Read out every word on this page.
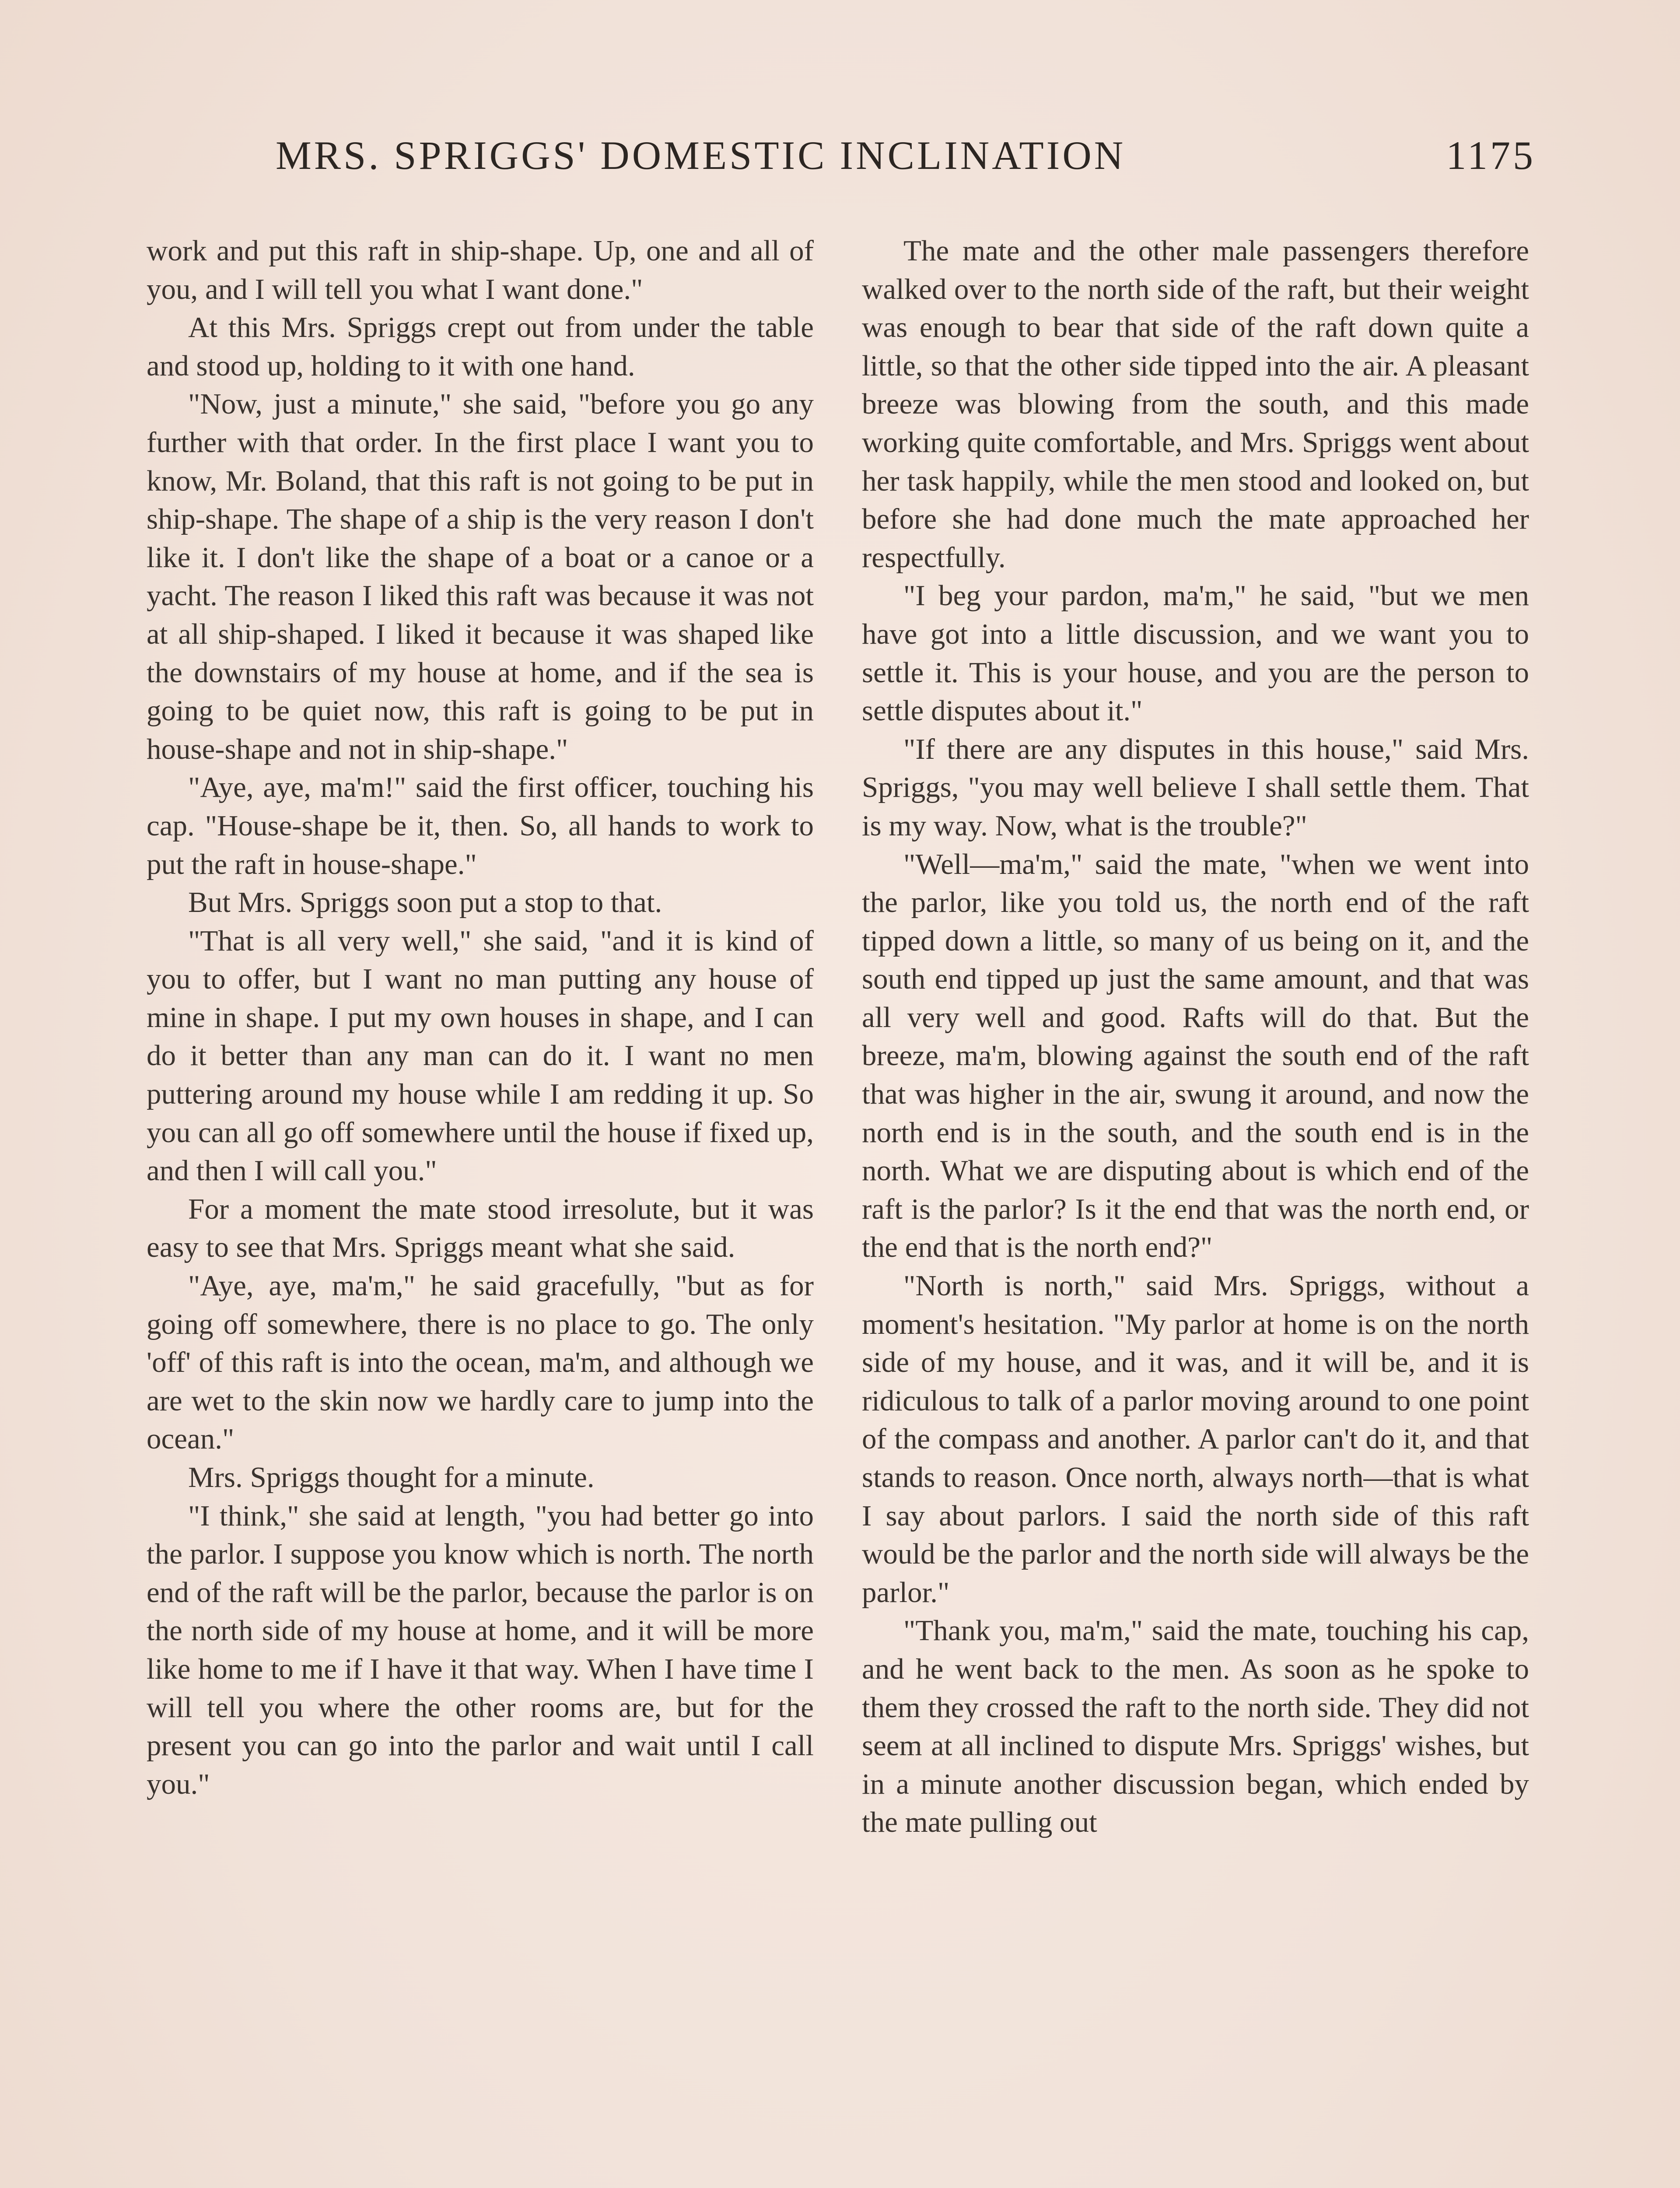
MRS. SPRIGGS' DOMESTIC INCLINATION	1175

work and put this raft in ship-shape. Up, one and all of you, and I will tell you what I want done."

At this Mrs. Spriggs crept out from under the table and stood up, holding to it with one hand.

"Now, just a minute," she said, "before you go any further with that order. In the first place I want you to know, Mr. Boland, that this raft is not going to be put in ship-shape. The shape of a ship is the very reason I don't like it. I don't like the shape of a boat or a canoe or a yacht. The reason I liked this raft was because it was not at all ship-shaped. I liked it because it was shaped like the downstairs of my house at home, and if the sea is going to be quiet now, this raft is going to be put in house-shape and not in ship-shape."

"Aye, aye, ma'm!" said the first officer, touching his cap. "House-shape be it, then. So, all hands to work to put the raft in house-shape."

But Mrs. Spriggs soon put a stop to that.

"That is all very well," she said, "and it is kind of you to offer, but I want no man putting any house of mine in shape. I put my own houses in shape, and I can do it better than any man can do it. I want no men puttering around my house while I am redding it up. So you can all go off somewhere until the house if fixed up, and then I will call you."

For a moment the mate stood irresolute, but it was easy to see that Mrs. Spriggs meant what she said.

"Aye, aye, ma'm," he said gracefully, "but as for going off somewhere, there is no place to go. The only 'off' of this raft is into the ocean, ma'm, and although we are wet to the skin now we hardly care to jump into the ocean."

Mrs. Spriggs thought for a minute.

"I think," she said at length, "you had better go into the parlor. I suppose you know which is north. The north end of the raft will be the parlor, because the parlor is on the north side of my house at home, and it will be more like home to me if I have it that way. When I have time I will tell you where the other rooms are, but for the present you can go into the parlor and wait until I call you."

The mate and the other male passengers therefore walked over to the north side of the raft, but their weight was enough to bear that side of the raft down quite a little, so that the other side tipped into the air. A pleasant breeze was blowing from the south, and this made working quite comfortable, and Mrs. Spriggs went about her task happily, while the men stood and looked on, but before she had done much the mate approached her respectfully.

"I beg your pardon, ma'm," he said, "but we men have got into a little discussion, and we want you to settle it. This is your house, and you are the person to settle disputes about it."

"If there are any disputes in this house," said Mrs. Spriggs, "you may well believe I shall settle them. That is my way. Now, what is the trouble?"

"Well—ma'm," said the mate, "when we went into the parlor, like you told us, the north end of the raft tipped down a little, so many of us being on it, and the south end tipped up just the same amount, and that was all very well and good. Rafts will do that. But the breeze, ma'm, blowing against the south end of the raft that was higher in the air, swung it around, and now the north end is in the south, and the south end is in the north. What we are disputing about is which end of the raft is the parlor? Is it the end that was the north end, or the end that is the north end?"

"North is north," said Mrs. Spriggs, without a moment's hesitation. "My parlor at home is on the north side of my house, and it was, and it will be, and it is ridiculous to talk of a parlor moving around to one point of the compass and another. A parlor can't do it, and that stands to reason. Once north, always north—that is what I say about parlors. I said the north side of this raft would be the parlor and the north side will always be the parlor."

"Thank you, ma'm," said the mate, touching his cap, and he went back to the men. As soon as he spoke to them they crossed the raft to the north side. They did not seem at all inclined to dispute Mrs. Spriggs' wishes, but in a minute another discussion began, which ended by the mate pulling out
